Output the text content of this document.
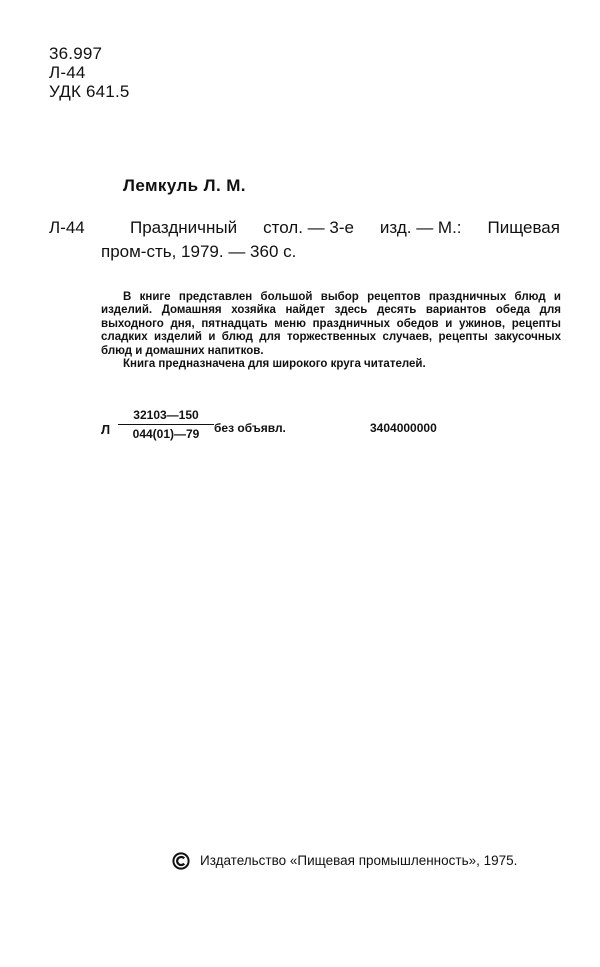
36.997
Л-44
УДК 641.5
Лемкуль Л. М.
Л-44	Праздничный стол. — 3-е изд. — М.: Пищевая
пром-сть, 1979. — 360 с.

В книге представлен большой выбор рецептов праздничных блюд и изделий. Домашняя хозяйка найдет здесь десять вариантов обеда для выходного дня, пятнадцать меню праздничных обедов и ужинов, рецепты сладких изделий и блюд для торжественных случаев, рецепты закусочных блюд и домашних напитков.

Книга предназначена для широкого круга читателей.

Л
32103—150
044(01)—79	без объявл.	3404000000
Издательство «Пищевая промышленность», 1975.
